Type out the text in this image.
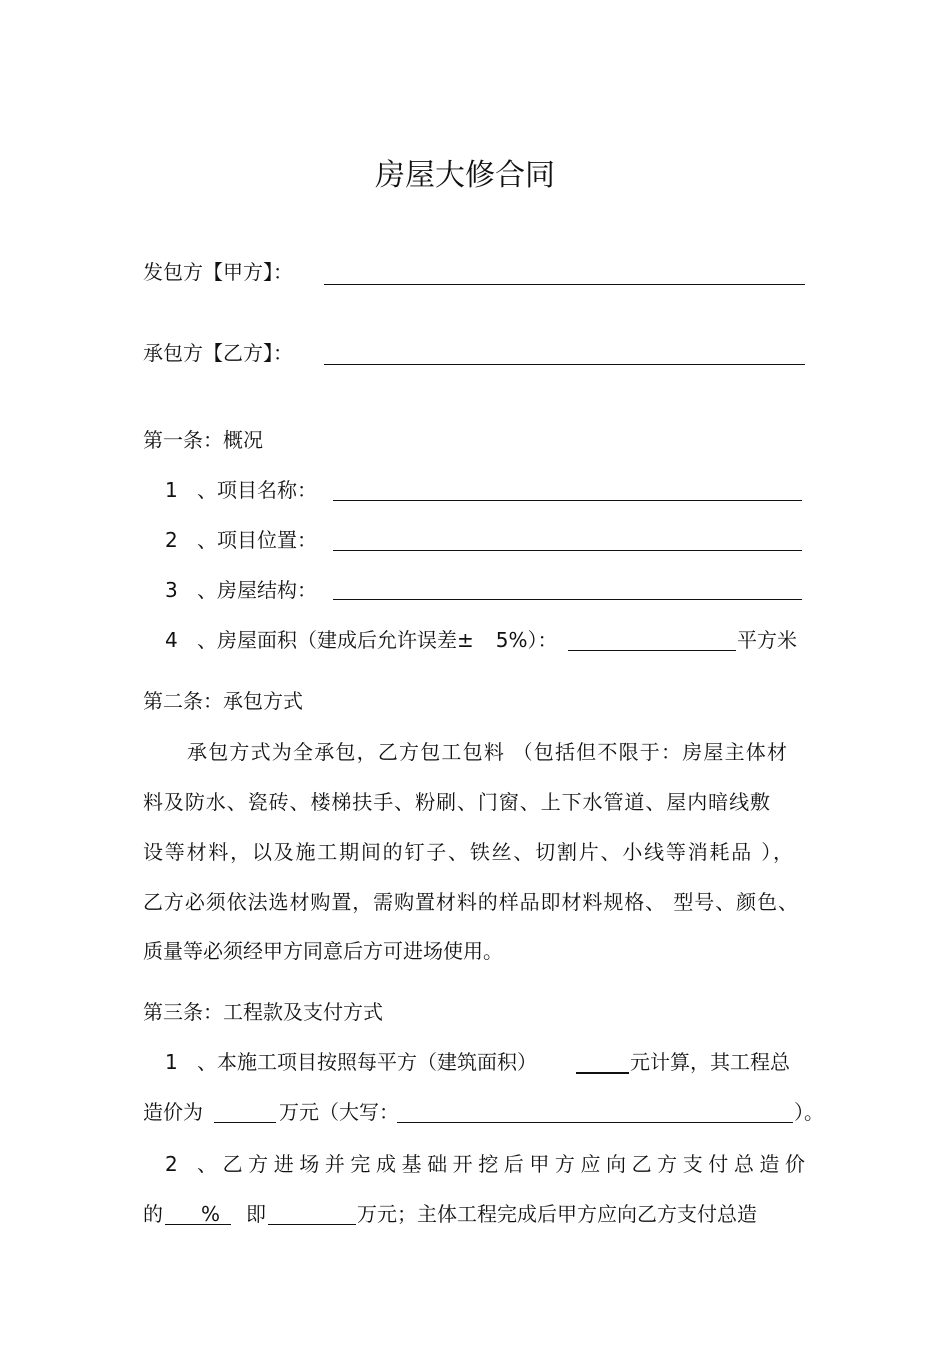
房屋大修合同
发包方【甲方】：
承包方【乙方】：
第一条：概况
1 、项目名称：
2 、项目位置：
3 、房屋结构：
4 、房屋面积（建成后允许误差± 5%）：	平方米
第二条：承包方式
承包方式为全承包，乙方包工包料 （包括但不限于：房屋主体材
料及防水、瓷砖、楼梯扶手、粉刷、门窗、上下水管道、屋内暗线敷
设等材料，以及施工期间的钉子、铁丝、切割片、小线等消耗品 ），
乙方必须依法选材购置，需购置材料的样品即材料规格、 型号、颜色、
质量等必须经甲方同意后方可进场使用。
第三条：工程款及支付方式
1 、本施工项目按照每平方（建筑面积）	元计算，其工程总
造价为	万元（大写：	）。
2 、乙方进场并完成基础开挖后甲方应向乙方支付总造价
的 % 即	万元；主体工程完成后甲方应向乙方支付总造
